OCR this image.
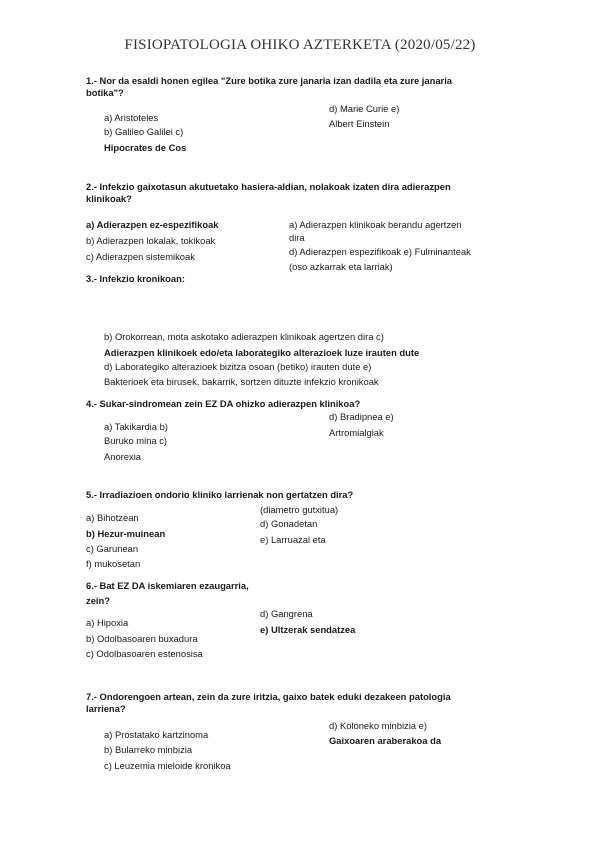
FISIOPATOLOGIA OHIKO AZTERKETA (2020/05/22)
1.- Nor da esaldi honen egilea "Zure botika zure janaria izan dadila eta zure janaria botika"?
a) Aristoteles
b) Galileo Galilei c)
Hipocrates de Cos
d) Marie Curie e)
Albert Einstein
2.- Infekzio gaixotasun akutuetako hasiera-aldian, nolakoak izaten dira adierazpen klinikoak?
a) Adierazpen ez-espezifikoak
b) Adierazpen lokalak, tokikoak
c) Adierazpen sistemikoak
a) Adierazpen klinikoak berandu agertzen
dira
d) Adierazpen espezifikoak e) Fulminanteak
(oso azkarrak eta larriak)
3.- Infekzio kronikoan:
b) Orokorrean, mota askotako adierazpen klinikoak agertzen dira c)
Adierazpen klinikoek edo/eta laborategiko alterazioek luze irauten dute
d) Laborategiko alterazioek bizitza osoan (betiko) irauten dute e)
Bakterioek eta birusek, bakarrik, sortzen dituzte infekzio kronikoak
4.- Sukar-sindromean zein EZ DA ohizko adierazpen klinikoa?
a) Takikardia b)
Buruko mina c)
Anorexia
d) Bradipnea e)
Artromialgiak
5.- Irradiazioen ondorio kliniko larrienak non gertatzen dira?
a) Bihotzean
b) Hezur-muinean
c) Garunean
f) mukosetan
(diametro gutxitua)
d) Gonadetan
e) Larruazal eta
6.- Bat EZ DA iskemiaren ezaugarria,
zein?
a) Hipoxia
b) Odolbasoaren buxadura
c) Odolbasoaren estenosisa
d) Gangrena
e) Ultzerak sendatzea
7.- Ondorengoen artean, zein da zure iritzia, gaixo batek eduki dezakeen patologia larriena?
a) Prostatako kartzinoma
b) Bularreko minbizia
c) Leuzemia mieloide kronikoa
d) Koloneko minbizia e)
Gaixoaren araberakoa da
